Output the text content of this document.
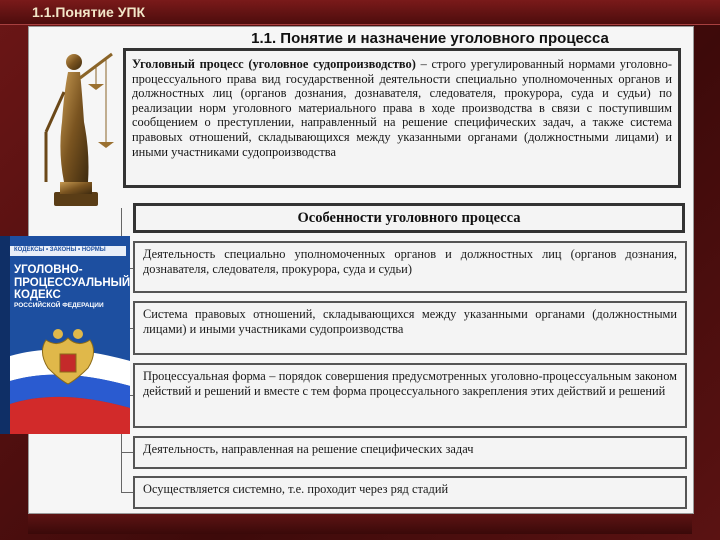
1.1.Понятие УПК
1.1. Понятие и назначение уголовного процесса
Уголовный процесс (уголовное судопроизводство) – строго урегулированный нормами уголовно-процессуального права вид государственной деятельности специально уполномоченных органов и должностных лиц (органов дознания, дознавателя, следователя, прокурора, суда и судьи) по реализации норм уголовного материального права в ходе производства в связи с поступившим сообщением о преступлении, направленный на решение специфических задач, а также система правовых отношений, складывающихся между указанными органами (должностными лицами) и иными участниками судопроизводства
Особенности уголовного процесса
Деятельность специально уполномоченных органов и должностных лиц (органов дознания, дознавателя, следователя, прокурора, суда и судьи)
Система правовых отношений, складывающихся между указанными органами (должностными лицами) и иными участниками судопроизводства
Процессуальная форма – порядок совершения предусмотренных уголовно-процессуальным законом действий и решений и вместе с тем форма процессуального закрепления этих действий и решений
Деятельность, направленная на решение специфических задач
Осуществляется системно, т.е. проходит через ряд стадий
КОДЕКСЫ • ЗАКОНЫ • НОРМЫ
УГОЛОВНО-ПРОЦЕССУАЛЬНЫЙ КОДЕКС
РОССИЙСКОЙ ФЕДЕРАЦИИ
